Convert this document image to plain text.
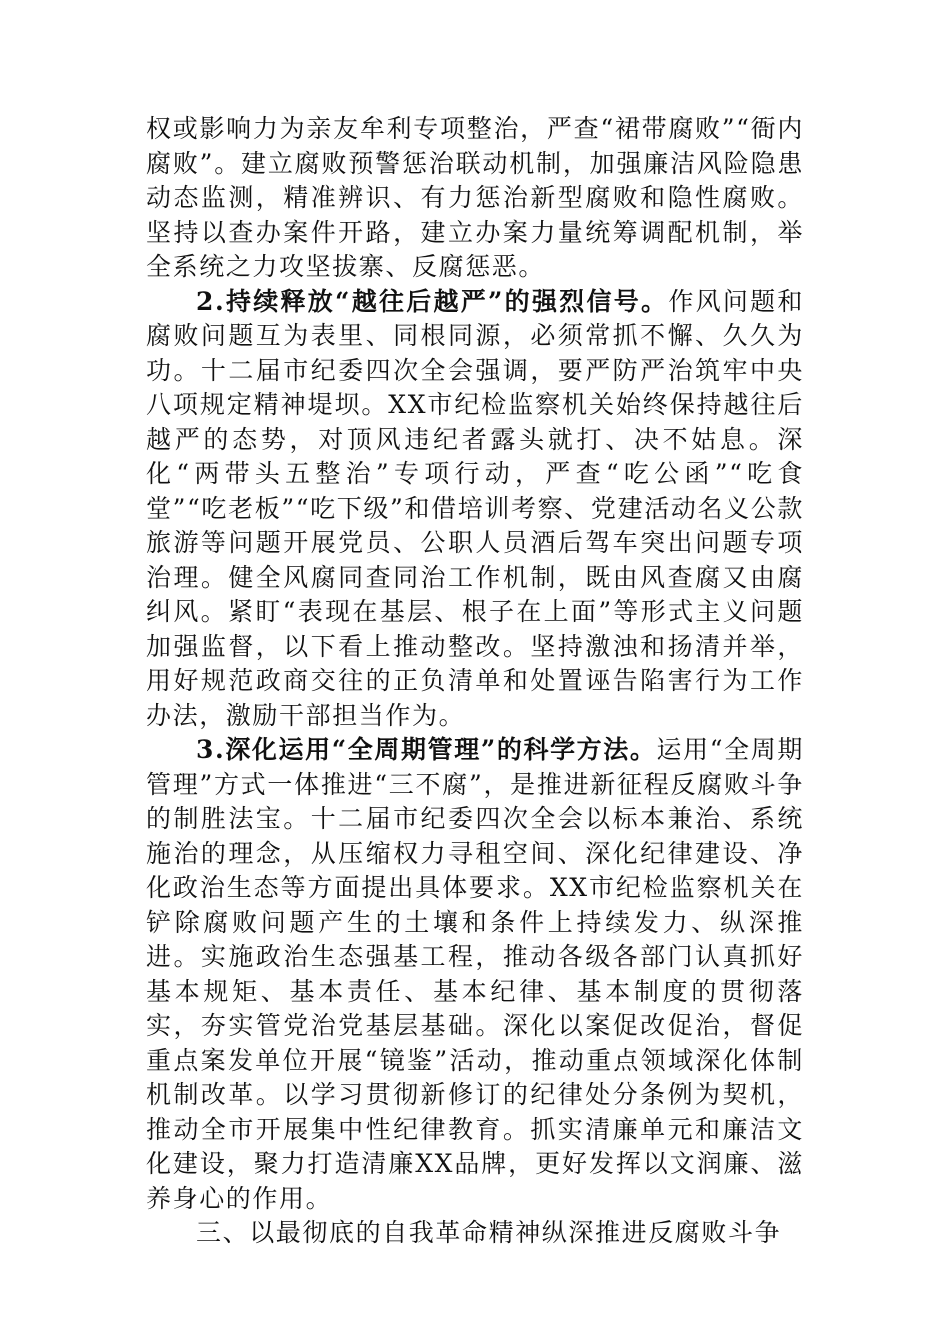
权或影响力为亲友牟利专项整治，严查“裙带腐败”“衙内腐败”。建立腐败预警惩治联动机制，加强廉洁风险隐患动态监测，精准辨识、有力惩治新型腐败和隐性腐败。坚持以查办案件开路，建立办案力量统筹调配机制，举全系统之力攻坚拔寨、反腐惩恶。

2.持续释放“越往后越严”的强烈信号。作风问题和腐败问题互为表里、同根同源，必须常抓不懈、久久为功。十二届市纪委四次全会强调，要严防严治筑牢中央八项规定精神堤坝。XX市纪检监察机关始终保持越往后越严的态势，对顶风违纪者露头就打、决不姑息。深化“两带头五整治”专项行动，严查“吃公函”“吃食堂”“吃老板”“吃下级”和借培训考察、党建活动名义公款旅游等问题开展党员、公职人员酒后驾车突出问题专项治理。健全风腐同查同治工作机制，既由风查腐又由腐纠风。紧盯“表现在基层、根子在上面”等形式主义问题加强监督，以下看上推动整改。坚持激浊和扬清并举，用好规范政商交往的正负清单和处置诬告陷害行为工作办法，激励干部担当作为。

3.深化运用“全周期管理”的科学方法。运用“全周期管理”方式一体推进“三不腐”，是推进新征程反腐败斗争的制胜法宝。十二届市纪委四次全会以标本兼治、系统施治的理念，从压缩权力寻租空间、深化纪律建设、净化政治生态等方面提出具体要求。XX市纪检监察机关在铲除腐败问题产生的土壤和条件上持续发力、纵深推进。实施政治生态强基工程，推动各级各部门认真抓好基本规矩、基本责任、基本纪律、基本制度的贯彻落实，夯实管党治党基层基础。深化以案促改促治，督促重点案发单位开展“镜鉴”活动，推动重点领域深化体制机制改革。以学习贯彻新修订的纪律处分条例为契机，推动全市开展集中性纪律教育。抓实清廉单元和廉洁文化建设，聚力打造清廉XX品牌，更好发挥以文润廉、滋养身心的作用。

三、以最彻底的自我革命精神纵深推进反腐败斗争
